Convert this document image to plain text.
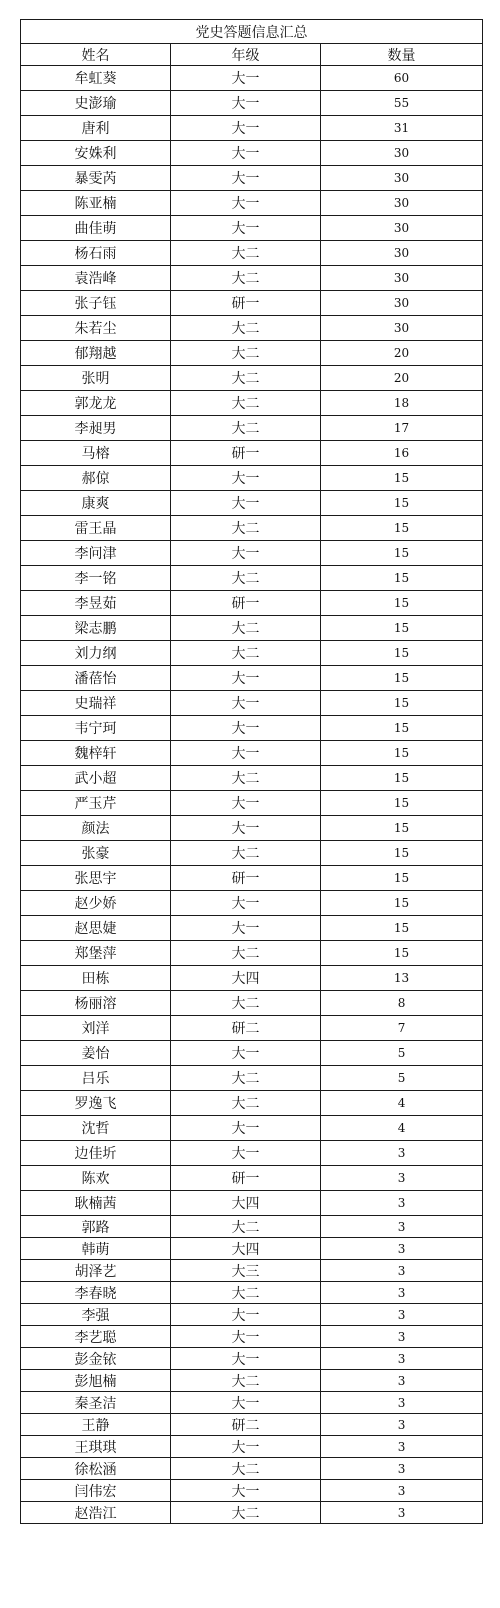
党史答题信息汇总		
姓名	年级	数量
牟虹葵	大一	60
史澎瑜	大一	55
唐利	大一	31
安姝利	大一	30
暴雯芮	大一	30
陈亚楠	大一	30
曲佳萌	大一	30
杨石雨	大二	30
袁浩峰	大二	30
张子钰	研一	30
朱若尘	大二	30
郁翔越	大二	20
张明	大二	20
郭龙龙	大二	18
李昶男	大二	17
马榕	研一	16
郝倞	大一	15
康爽	大一	15
雷王晶	大二	15
李问津	大一	15
李一铭	大二	15
李昱茹	研一	15
梁志鹏	大二	15
刘力纲	大二	15
潘蓓怡	大一	15
史瑞祥	大一	15
韦宁珂	大一	15
魏梓轩	大一	15
武小超	大二	15
严玉芹	大一	15
颜法	大一	15
张豪	大二	15
张思宇	研一	15
赵少娇	大一	15
赵思婕	大一	15
郑堡萍	大二	15
田栋	大四	13
杨丽溶	大二	8
刘洋	研二	7
姜怡	大一	5
吕乐	大二	5
罗逸飞	大二	4
沈哲	大一	4
边佳圻	大一	3
陈欢	研一	3
耿楠茜	大四	3
郭路	大二	3
韩萌	大四	3
胡泽艺	大三	3
李春晓	大二	3
李强	大一	3
李艺聪	大一	3
彭金铱	大一	3
彭旭楠	大二	3
秦圣洁	大一	3
王静	研二	3
王琪琪	大一	3
徐松涵	大二	3
闫伟宏	大一	3
赵浩江	大二	3
